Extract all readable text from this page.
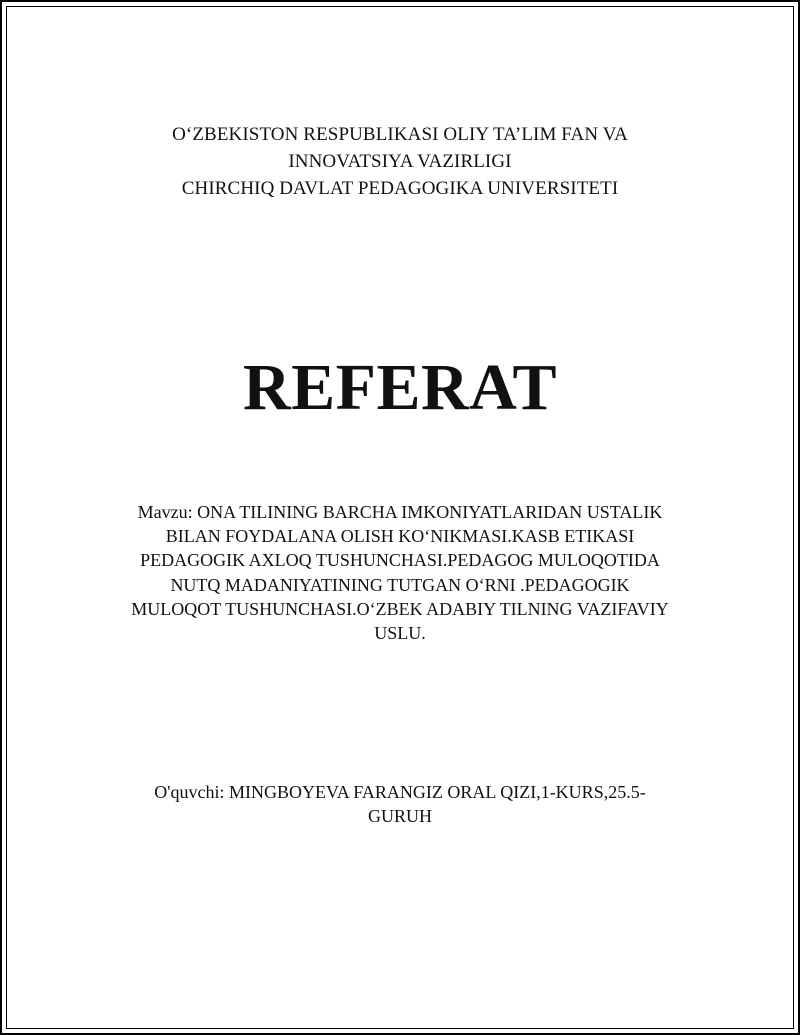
O‘ZBEKISTON RESPUBLIKASI OLIY TA’LIM FAN VA
INNOVATSIYA VAZIRLIGI
CHIRCHIQ DAVLAT PEDAGOGIKA UNIVERSITETI
REFERAT
Mavzu: ONA TILINING BARCHA IMKONIYATLARIDAN USTALIK
BILAN FOYDALANA OLISH KO‘NIKMASI.KASB ETIKASI
PEDAGOGIK AXLOQ TUSHUNCHASI.PEDAGOG MULOQOTIDA
NUTQ MADANIYATINING TUTGAN O‘RNI .PEDAGOGIK
MULOQOT TUSHUNCHASI.O‘ZBEK ADABIY TILNING VAZIFAVIY
USLU.
O'quvchi: MINGBOYEVA FARANGIZ ORAL QIZI,1-KURS,25.5-
GURUH
